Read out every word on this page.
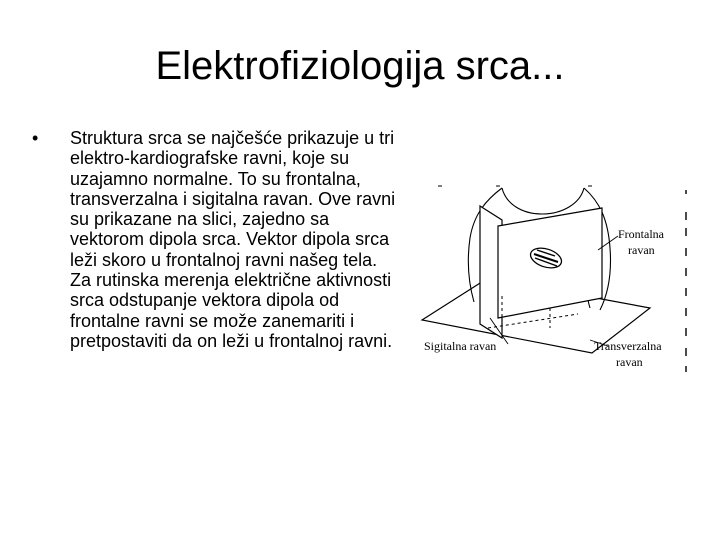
Elektrofiziologija srca...
•	Struktura srca se najčešće prikazuje u tri elektro-kardiografske ravni, koje su uzajamno normalne. To su frontalna, transverzalna i sigitalna ravan. Ove ravni su prikazane na slici, zajedno sa vektorom dipola srca. Vektor dipola srca leži skoro u frontalnoj ravni našeg tela. Za rutinska merenja električne aktivnosti srca odstupanje vektora dipola od frontalne ravni se može zanemariti i pretpostaviti da on leži u frontalnoj ravni.
Frontalna
ravan
Sigitalna ravan	Transverzalna
ravan
